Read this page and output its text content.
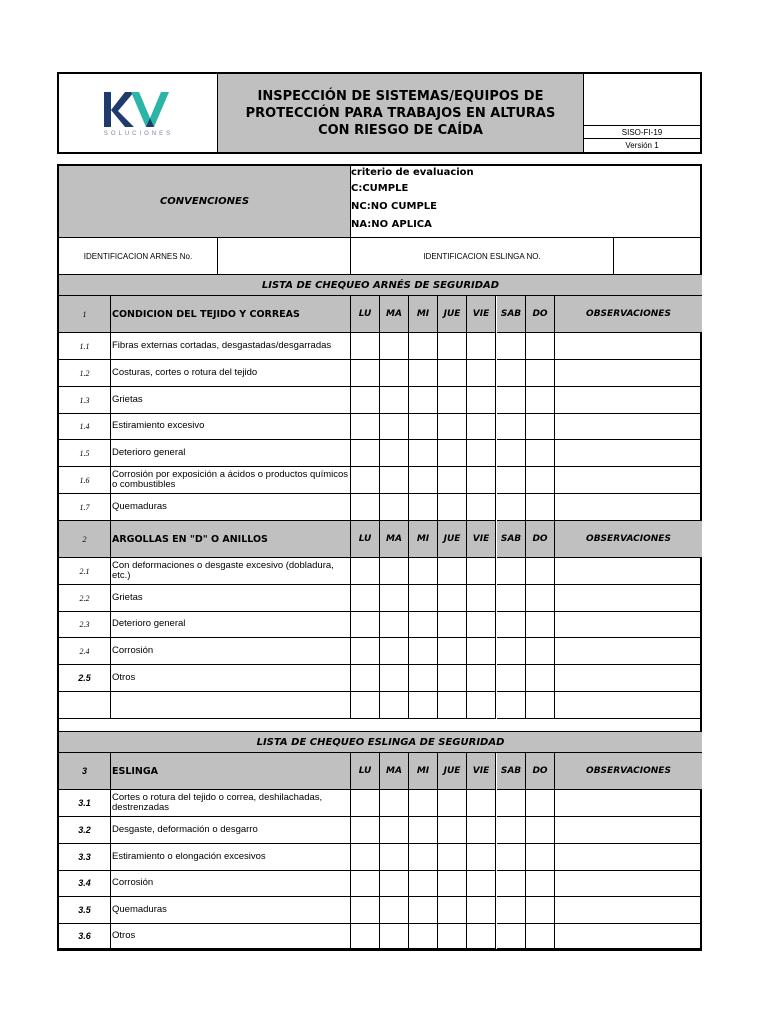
SOLUCIONES
INSPECCIÓN DE SISTEMAS/EQUIPOS DE PROTECCIÓN PARA TRABAJOS EN ALTURAS CON RIESGO DE CAÍDA	SISO-FI-19
Versión 1
CONVENCIONES
criterio de evaluacion
C:CUMPLE
NC:NO CUMPLE
NA:NO APLICA
IDENTIFICACION ARNES No.	IDENTIFICACION ESLINGA NO.
LISTA DE CHEQUEO ARNÉS DE SEGURIDAD
1	CONDICION DEL TEJIDO Y CORREAS	LU	MA	MI	JUE	VIE	SAB	DO	OBSERVACIONES
1.1	Fibras externas cortadas, desgastadas/desgarradas
1.2	Costuras, cortes o rotura del tejido
1.3	Grietas
1.4	Estiramiento excesivo
1.5	Deterioro general
1.6	Corrosión por exposición a ácidos o productos químicos o combustibles
1.7	Quemaduras
2	ARGOLLAS EN "D" O ANILLOS	LU	MA	MI	JUE	VIE	SAB	DO	OBSERVACIONES
2.1	Con deformaciones o desgaste excesivo (dobladura, etc.)
2.2	Grietas
2.3	Deterioro general
2.4	Corrosión
2.5	Otros
LISTA DE CHEQUEO ESLINGA DE SEGURIDAD
3	ESLINGA	LU	MA	MI	JUE	VIE	SAB	DO	OBSERVACIONES
3.1	Cortes o rotura del tejido o correa, deshilachadas, destrenzadas
3.2	Desgaste, deformación o desgarro
3.3	Estiramiento o elongación excesivos
3.4	Corrosión
3.5	Quemaduras
3.6	Otros
